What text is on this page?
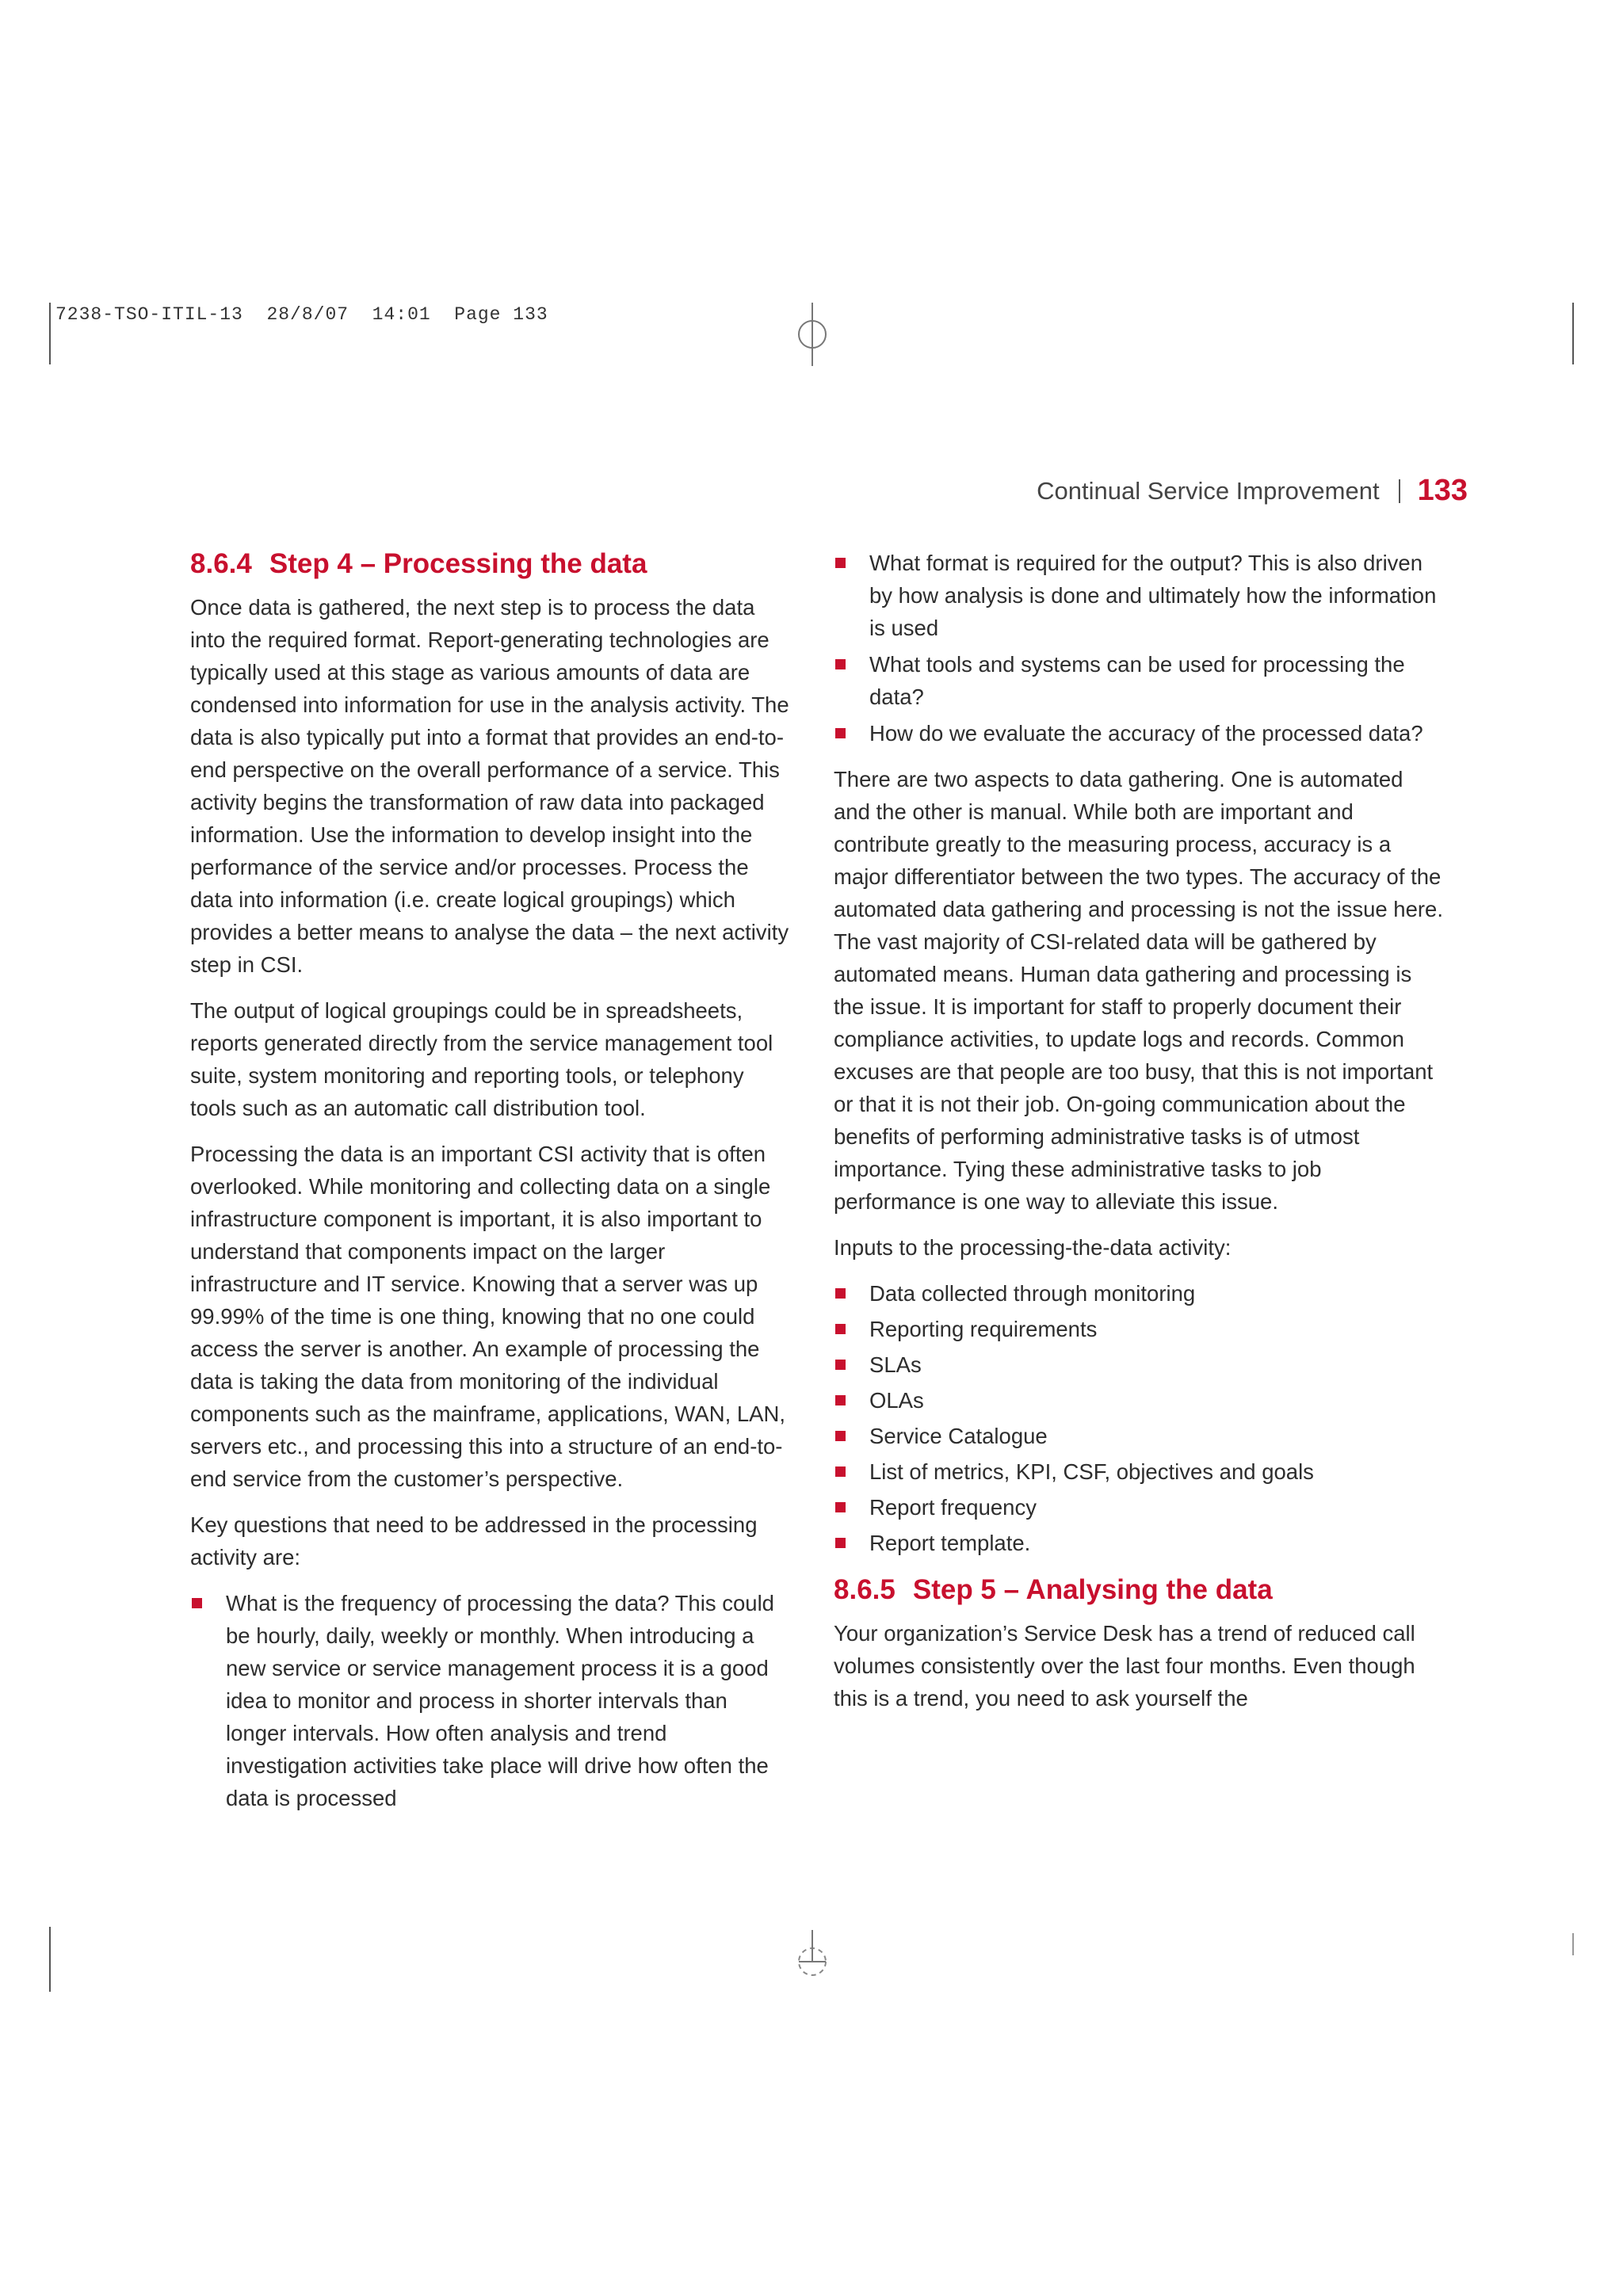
7238-TSO-ITIL-13  28/8/07  14:01  Page 133
Continual Service Improvement 133
8.6.4 Step 4 – Processing the data

Once data is gathered, the next step is to process the data into the required format. Report-generating technologies are typically used at this stage as various amounts of data are condensed into information for use in the analysis activity. The data is also typically put into a format that provides an end-to-end perspective on the overall performance of a service. This activity begins the transformation of raw data into packaged information. Use the information to develop insight into the performance of the service and/or processes. Process the data into information (i.e. create logical groupings) which provides a better means to analyse the data – the next activity step in CSI.

The output of logical groupings could be in spreadsheets, reports generated directly from the service management tool suite, system monitoring and reporting tools, or telephony tools such as an automatic call distribution tool.

Processing the data is an important CSI activity that is often overlooked. While monitoring and collecting data on a single infrastructure component is important, it is also important to understand that components impact on the larger infrastructure and IT service. Knowing that a server was up 99.99% of the time is one thing, knowing that no one could access the server is another. An example of processing the data is taking the data from monitoring of the individual components such as the mainframe, applications, WAN, LAN, servers etc., and processing this into a structure of an end-to-end service from the customer’s perspective.

Key questions that need to be addressed in the processing activity are:

What is the frequency of processing the data? This could be hourly, daily, weekly or monthly. When introducing a new service or service management process it is a good idea to monitor and process in shorter intervals than longer intervals. How often analysis and trend investigation activities take place will drive how often the data is processed
What format is required for the output? This is also driven by how analysis is done and ultimately how the information is used
What tools and systems can be used for processing the data?
How do we evaluate the accuracy of the processed data?

There are two aspects to data gathering. One is automated and the other is manual. While both are important and contribute greatly to the measuring process, accuracy is a major differentiator between the two types. The accuracy of the automated data gathering and processing is not the issue here. The vast majority of CSI-related data will be gathered by automated means. Human data gathering and processing is the issue. It is important for staff to properly document their compliance activities, to update logs and records. Common excuses are that people are too busy, that this is not important or that it is not their job. On-going communication about the benefits of performing administrative tasks is of utmost importance. Tying these administrative tasks to job performance is one way to alleviate this issue.

Inputs to the processing-the-data activity:

Data collected through monitoring
Reporting requirements
SLAs
OLAs
Service Catalogue
List of metrics, KPI, CSF, objectives and goals
Report frequency
Report template.
8.6.5 Step 5 – Analysing the data

Your organization’s Service Desk has a trend of reduced call volumes consistently over the last four months. Even though this is a trend, you need to ask yourself the
